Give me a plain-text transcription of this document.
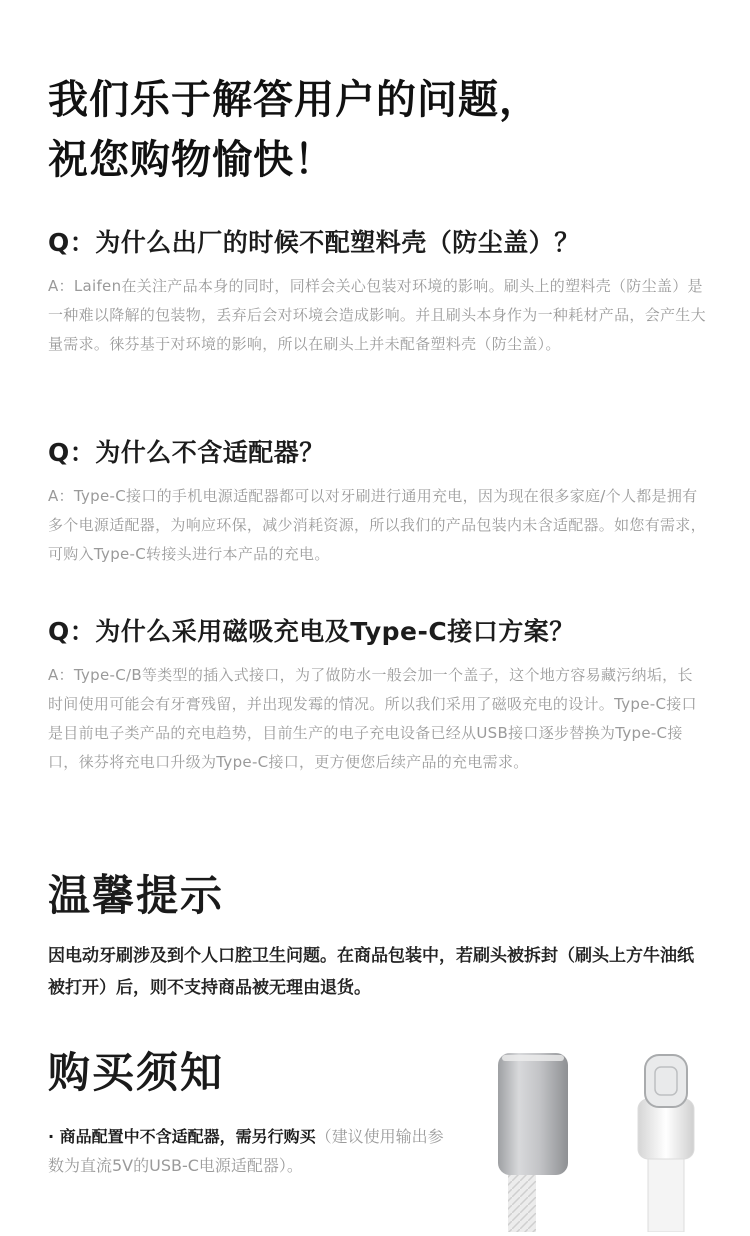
我们乐于解答用户的问题，
祝您购物愉快！

Q：为什么出厂的时候不配塑料壳（防尘盖）？

A：Laifen在关注产品本身的同时，同样会关心包装对环境的影响。刷头上的塑料壳（防尘盖）是一种难以降解的包装物，丢弃后会对环境会造成影响。并且刷头本身作为一种耗材产品，会产生大量需求。徕芬基于对环境的影响，所以在刷头上并未配备塑料壳（防尘盖）。

Q：为什么不含适配器？

A：Type-C接口的手机电源适配器都可以对牙刷进行通用充电，因为现在很多家庭/个人都是拥有多个电源适配器，为响应环保，减少消耗资源，所以我们的产品包装内未含适配器。如您有需求，可购入Type-C转接头进行本产品的充电。

Q：为什么采用磁吸充电及Type-C接口方案？

A：Type-C/B等类型的插入式接口，为了做防水一般会加一个盖子，这个地方容易藏污纳垢，长时间使用可能会有牙膏残留，并出现发霉的情况。所以我们采用了磁吸充电的设计。Type-C接口是目前电子类产品的充电趋势，目前生产的电子充电设备已经从USB接口逐步替换为Type-C接口，徕芬将充电口升级为Type-C接口，更方便您后续产品的充电需求。

温馨提示
因电动牙刷涉及到个人口腔卫生问题。在商品包装中，若刷头被拆封（刷头上方牛油纸被打开）后，则不支持商品被无理由退货。
购买须知
· 商品配置中不含适配器，需另行购买（建议使用输出参数为直流5V的USB-C电源适配器）。
